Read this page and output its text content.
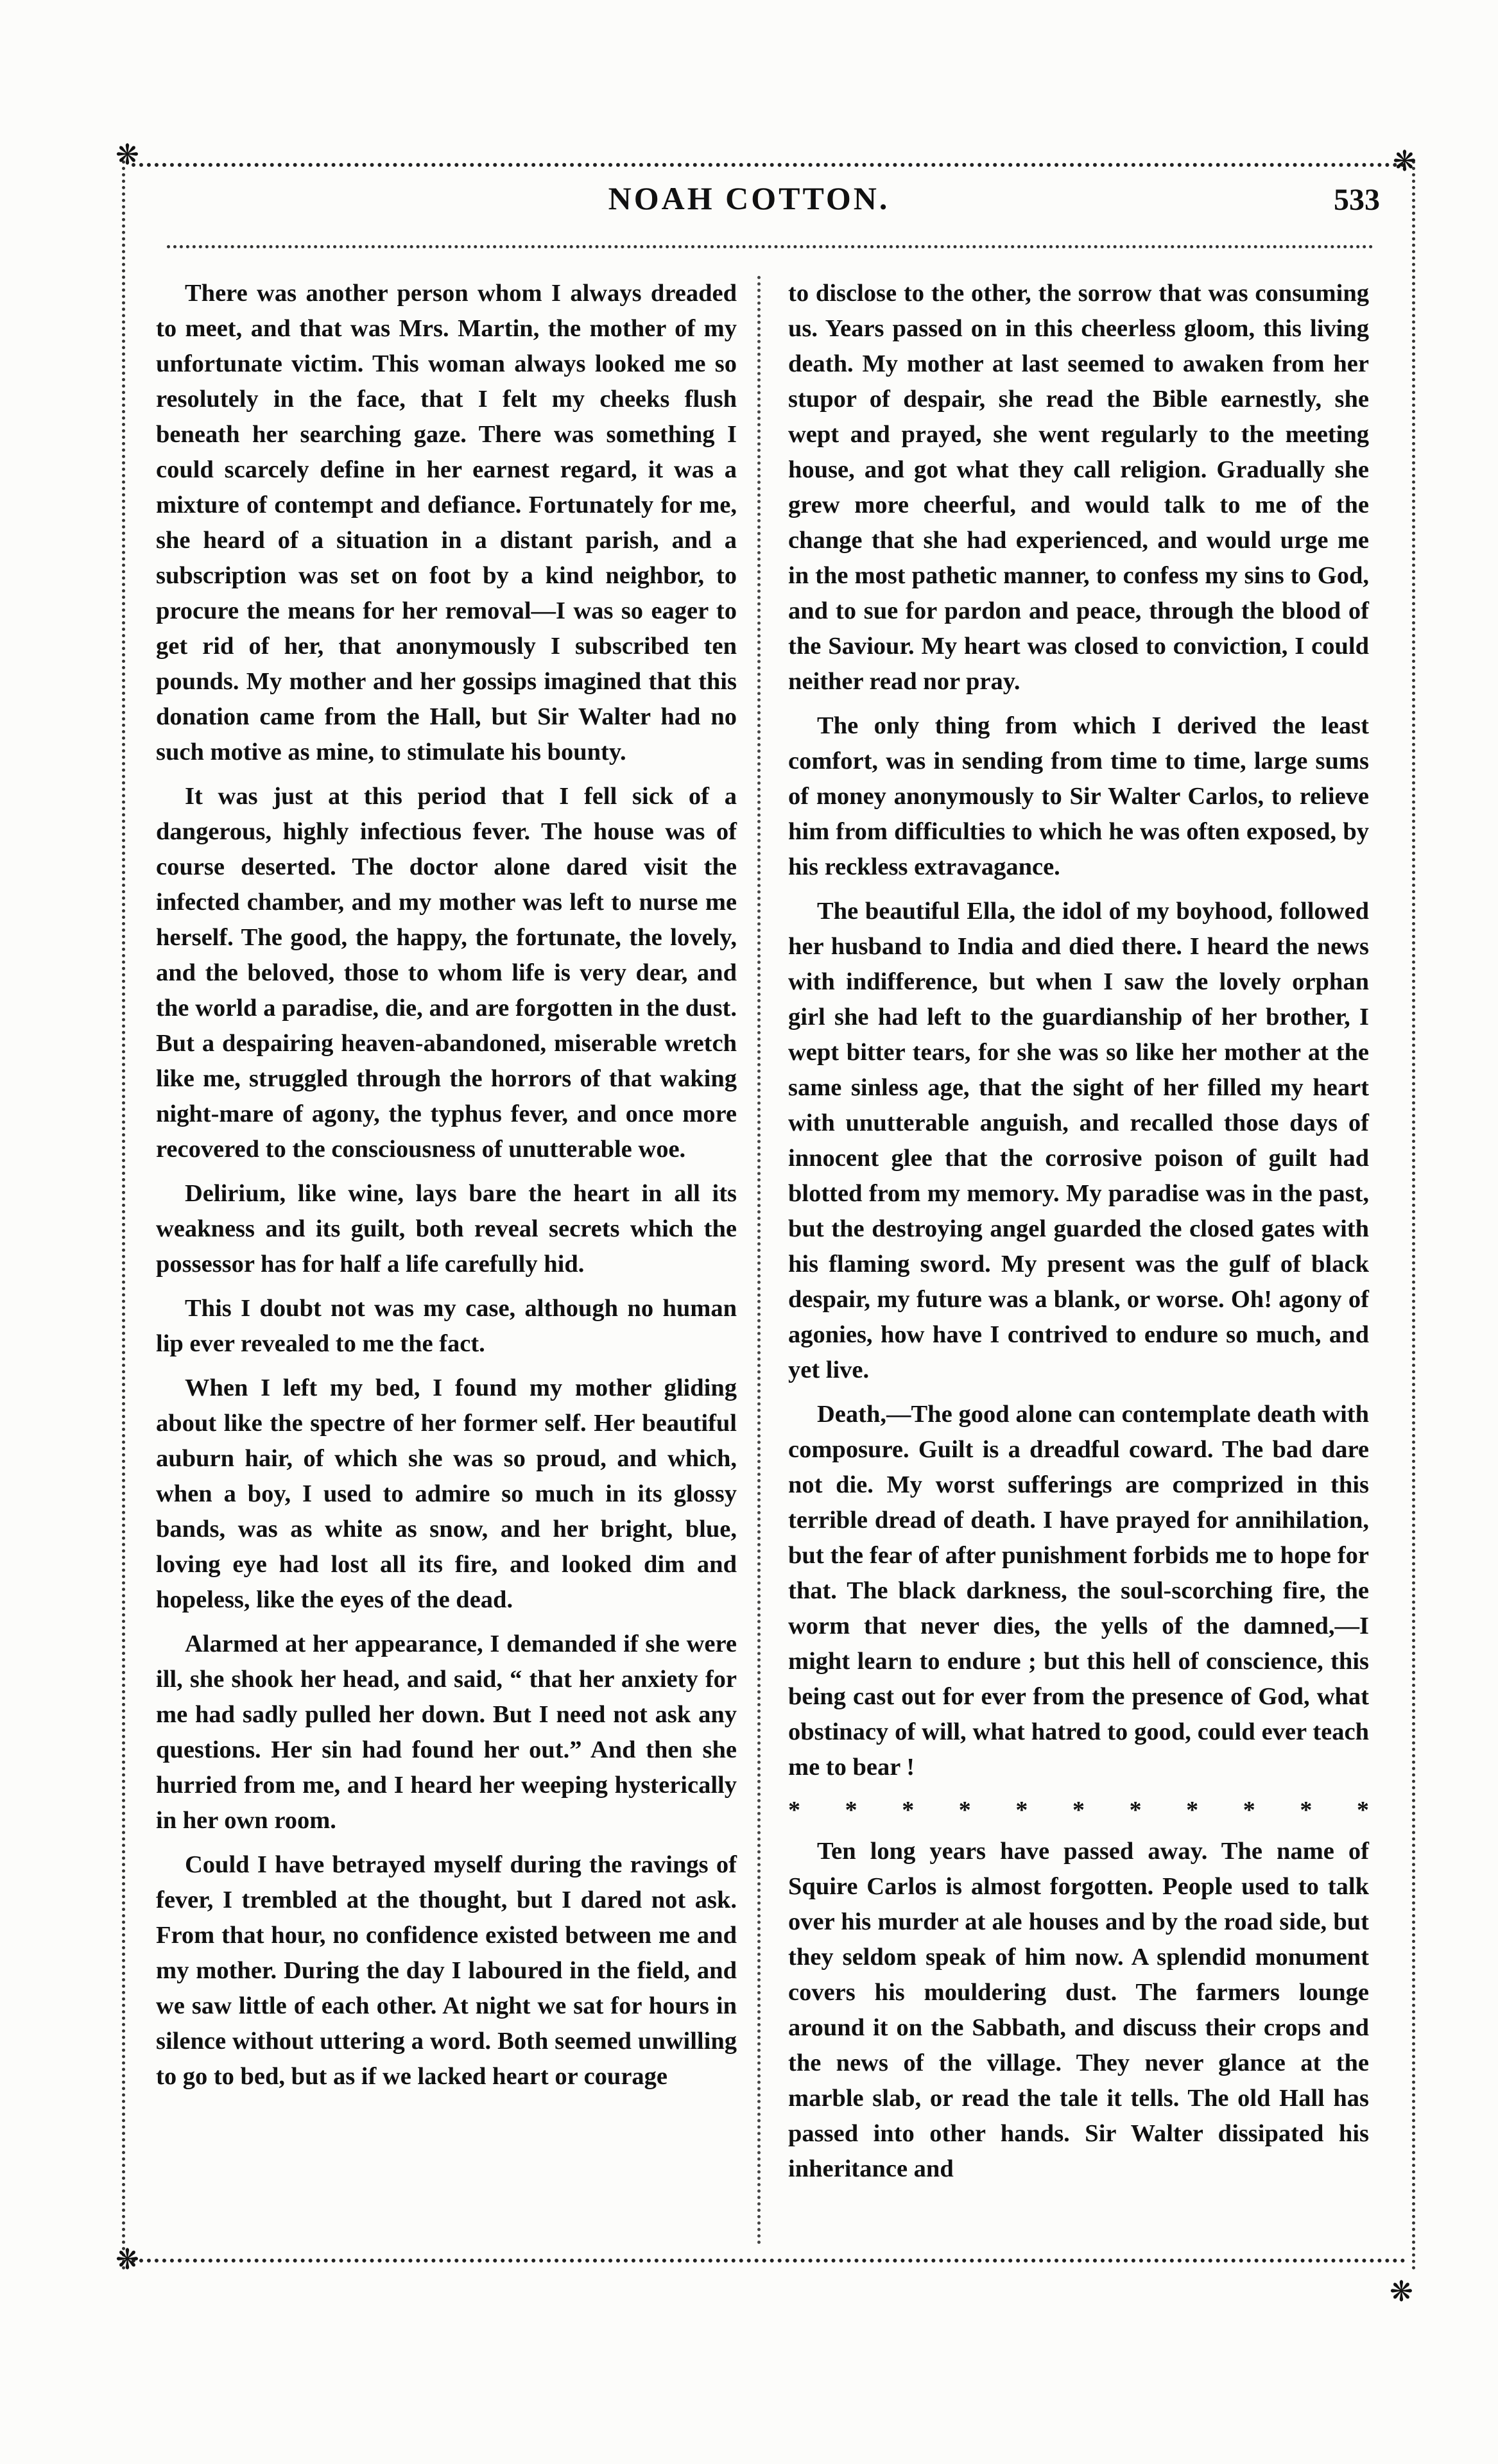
❋	❋
❋
❋
NOAH COTTON.	533

There was another person whom I always dreaded to meet, and that was Mrs. Martin, the mother of my unfortunate victim. This woman always looked me so resolutely in the face, that I felt my cheeks flush beneath her searching gaze. There was something I could scarcely define in her earnest regard, it was a mixture of contempt and defiance. Fortunately for me, she heard of a situation in a distant parish, and a subscription was set on foot by a kind neighbor, to procure the means for her removal—I was so eager to get rid of her, that anonymously I subscribed ten pounds. My mother and her gossips imagined that this donation came from the Hall, but Sir Walter had no such motive as mine, to stimulate his bounty.

It was just at this period that I fell sick of a dangerous, highly infectious fever. The house was of course deserted. The doctor alone dared visit the infected chamber, and my mother was left to nurse me herself. The good, the happy, the fortunate, the lovely, and the beloved, those to whom life is very dear, and the world a paradise, die, and are forgotten in the dust. But a despairing heaven-abandoned, miserable wretch like me, struggled through the horrors of that waking night-mare of agony, the typhus fever, and once more recovered to the consciousness of unutterable woe.

Delirium, like wine, lays bare the heart in all its weakness and its guilt, both reveal secrets which the possessor has for half a life carefully hid.

This I doubt not was my case, although no human lip ever revealed to me the fact.

When I left my bed, I found my mother gliding about like the spectre of her former self. Her beautiful auburn hair, of which she was so proud, and which, when a boy, I used to admire so much in its glossy bands, was as white as snow, and her bright, blue, loving eye had lost all its fire, and looked dim and hopeless, like the eyes of the dead.

Alarmed at her appearance, I demanded if she were ill, she shook her head, and said, “ that her anxiety for me had sadly pulled her down. But I need not ask any questions. Her sin had found her out.” And then she hurried from me, and I heard her weeping hysterically in her own room.

Could I have betrayed myself during the ravings of fever, I trembled at the thought, but I dared not ask. From that hour, no confidence existed between me and my mother. During the day I laboured in the field, and we saw little of each other. At night we sat for hours in silence without uttering a word. Both seemed unwilling to go to bed, but as if we lacked heart or courage

to disclose to the other, the sorrow that was consuming us. Years passed on in this cheerless gloom, this living death. My mother at last seemed to awaken from her stupor of despair, she read the Bible earnestly, she wept and prayed, she went regularly to the meeting house, and got what they call religion. Gradually she grew more cheerful, and would talk to me of the change that she had experienced, and would urge me in the most pathetic manner, to confess my sins to God, and to sue for pardon and peace, through the blood of the Saviour. My heart was closed to conviction, I could neither read nor pray.

The only thing from which I derived the least comfort, was in sending from time to time, large sums of money anonymously to Sir Walter Carlos, to relieve him from difficulties to which he was often exposed, by his reckless extravagance.

The beautiful Ella, the idol of my boyhood, followed her husband to India and died there. I heard the news with indifference, but when I saw the lovely orphan girl she had left to the guardianship of her brother, I wept bitter tears, for she was so like her mother at the same sinless age, that the sight of her filled my heart with unutterable anguish, and recalled those days of innocent glee that the corrosive poison of guilt had blotted from my memory. My paradise was in the past, but the destroying angel guarded the closed gates with his flaming sword. My present was the gulf of black despair, my future was a blank, or worse. Oh! agony of agonies, how have I contrived to endure so much, and yet live.

Death,—The good alone can contemplate death with composure. Guilt is a dreadful coward. The bad dare not die. My worst sufferings are comprized in this terrible dread of death. I have prayed for annihilation, but the fear of after punishment forbids me to hope for that. The black darkness, the soul-scorching fire, the worm that never dies, the yells of the damned,—I might learn to endure ; but this hell of conscience, this being cast out for ever from the presence of God, what obstinacy of will, what hatred to good, could ever teach me to bear !

* * * * * * * * * * *

Ten long years have passed away. The name of Squire Carlos is almost forgotten. People used to talk over his murder at ale houses and by the road side, but they seldom speak of him now. A splendid monument covers his mouldering dust. The farmers lounge around it on the Sabbath, and discuss their crops and the news of the village. They never glance at the marble slab, or read the tale it tells. The old Hall has passed into other hands. Sir Walter dissipated his inheritance and
